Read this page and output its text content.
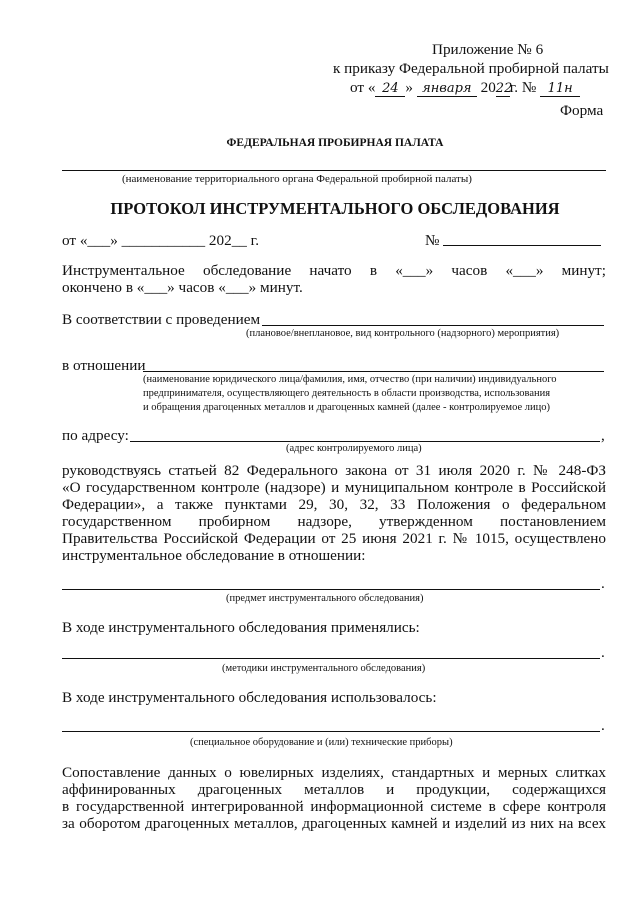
Приложение № 6
к приказу Федеральной пробирной палаты
от « 24 » января 2022г. № 11н
Форма
ФЕДЕРАЛЬНАЯ ПРОБИРНАЯ ПАЛАТА
(наименование территориального органа Федеральной пробирной палаты)
ПРОТОКОЛ ИНСТРУМЕНТАЛЬНОГО ОБСЛЕДОВАНИЯ
от «___» ___________ 202__ г.	№
Инструментальное обследование начато в «___» часов «___» минут;
окончено в «___» часов «___» минут.
В соответствии с проведением
(плановое/внеплановое, вид контрольного (надзорного) мероприятия)
в отношении
(наименование юридического лица/фамилия, имя, отчество (при наличии) индивидуального
предпринимателя, осуществляющего деятельность в области производства, использования
и обращения драгоценных металлов и драгоценных камней (далее - контролируемое лицо)
по адресу:	,
(адрес контролируемого лица)
руководствуясь статьей 82 Федерального закона от 31 июля 2020 г. № 248-ФЗ
«О государственном контроле (надзоре) и муниципальном контроле в Российской
Федерации», а также пунктами 29, 30, 32, 33 Положения о федеральном
государственном пробирном надзоре, утвержденном постановлением
Правительства Российской Федерации от 25 июня 2021 г. № 1015, осуществлено
инструментальное обследование в отношении:
.
(предмет инструментального обследования)
В ходе инструментального обследования применялись:
.
(методики инструментального обследования)
В ходе инструментального обследования использовалось:
.
(специальное оборудование и (или) технические приборы)
Сопоставление данных о ювелирных изделиях, стандартных и мерных слитках
аффинированных драгоценных металлов и продукции, содержащихся
в государственной интегрированной информационной системе в сфере контроля
за оборотом драгоценных металлов, драгоценных камней и изделий из них на всех
